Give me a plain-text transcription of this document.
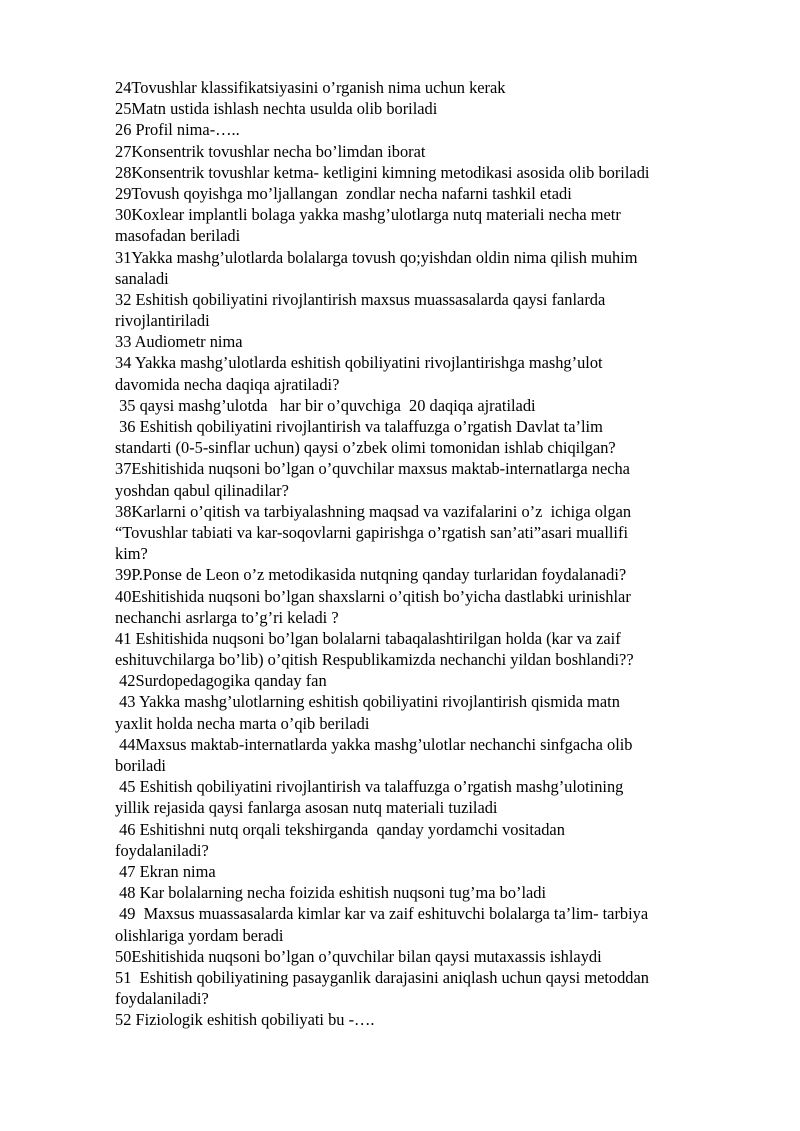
24Tovushlar klassifikatsiyasini o’rganish nima uchun kerak
25Matn ustida ishlash nechta usulda olib boriladi
26 Profil nima-…..
27Konsentrik tovushlar necha bo’limdan iborat
28Konsentrik tovushlar ketma- ketligini kimning metodikasi asosida olib boriladi
29Tovush qoyishga mo’ljallangan  zondlar necha nafarni tashkil etadi
30Koxlear implantli bolaga yakka mashg’ulotlarga nutq materiali necha metr
masofadan beriladi
31Yakka mashg’ulotlarda bolalarga tovush qo;yishdan oldin nima qilish muhim
sanaladi
32 Eshitish qobiliyatini rivojlantirish maxsus muassasalarda qaysi fanlarda
rivojlantiriladi
33 Audiometr nima
34 Yakka mashg’ulotlarda eshitish qobiliyatini rivojlantirishga mashg’ulot
davomida necha daqiqa ajratiladi?
35 qaysi mashg’ulotda   har bir o’quvchiga  20 daqiqa ajratiladi
36 Eshitish qobiliyatini rivojlantirish va talaffuzga o’rgatish Davlat ta’lim
standarti (0-5-sinflar uchun) qaysi o’zbek olimi tomonidan ishlab chiqilgan?
37Eshitishida nuqsoni bo’lgan o’quvchilar maxsus maktab-internatlarga necha
yoshdan qabul qilinadilar?
38Karlarni o’qitish va tarbiyalashning maqsad va vazifalarini o’z  ichiga olgan
“Tovushlar tabiati va kar-soqovlarni gapirishga o’rgatish san’ati”asari muallifi
kim?
39P.Ponse de Leon o’z metodikasida nutqning qanday turlaridan foydalanadi?
40Eshitishida nuqsoni bo’lgan shaxslarni o’qitish bo’yicha dastlabki urinishlar
nechanchi asrlarga to’g’ri keladi ?
41 Eshitishida nuqsoni bo’lgan bolalarni tabaqalashtirilgan holda (kar va zaif
eshituvchilarga bo’lib) o’qitish Respublikamizda nechanchi yildan boshlandi??
42Surdopedagogika qanday fan
43 Yakka mashg’ulotlarning eshitish qobiliyatini rivojlantirish qismida matn
yaxlit holda necha marta o’qib beriladi
44Maxsus maktab-internatlarda yakka mashg’ulotlar nechanchi sinfgacha olib
boriladi
45 Eshitish qobiliyatini rivojlantirish va talaffuzga o’rgatish mashg’ulotining
yillik rejasida qaysi fanlarga asosan nutq materiali tuziladi
46 Eshitishni nutq orqali tekshirganda  qanday yordamchi vositadan
foydalaniladi?
47 Ekran nima
48 Kar bolalarning necha foizida eshitish nuqsoni tug’ma bo’ladi
49  Maxsus muassasalarda kimlar kar va zaif eshituvchi bolalarga ta’lim- tarbiya
olishlariga yordam beradi
50Eshitishida nuqsoni bo’lgan o’quvchilar bilan qaysi mutaxassis ishlaydi
51  Eshitish qobiliyatining pasayganlik darajasini aniqlash uchun qaysi metoddan
foydalaniladi?
52 Fiziologik eshitish qobiliyati bu -….
